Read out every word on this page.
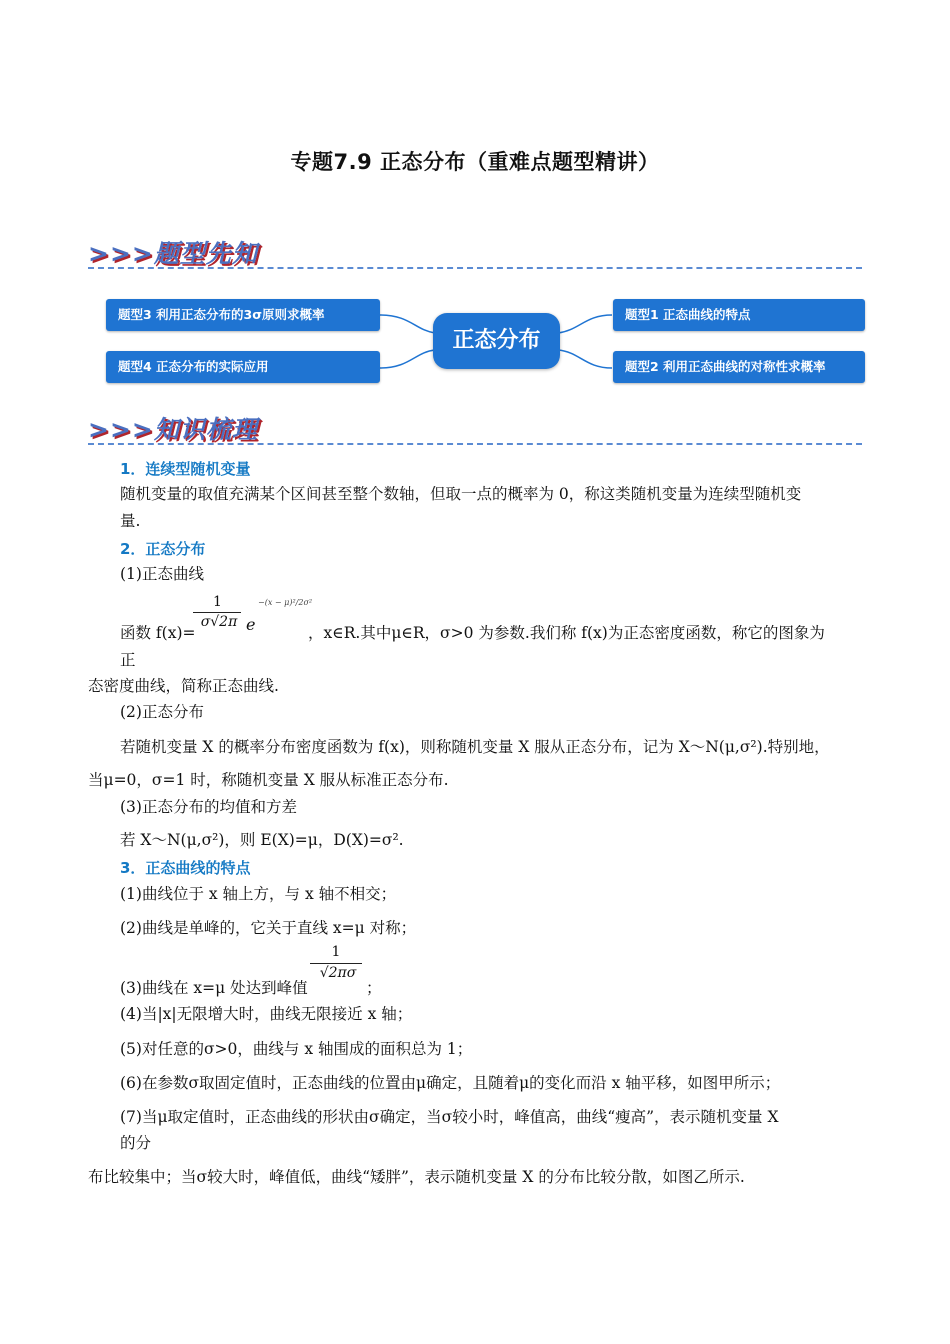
专题7.9 正态分布（重难点题型精讲）
>>>题型先知
题型3 利用正态分布的3σ原则求概率
题型4 正态分布的实际应用
题型1 正态曲线的特点
题型2 利用正态曲线的对称性求概率
正态分布
>>>知识梳理
1．连续型随机变量
随机变量的取值充满某个区间甚至整个数轴，但取一点的概率为 0，称这类随机变量为连续型随机变
量.
2．正态分布
(1)正态曲线
函数 f(x)=
1
σ√2π e
−(x − μ)²/2σ²
，x∈R.其中μ∈R，σ>0 为参数.我们称 f(x)为正态密度函数，称它的图象为
正
态密度曲线，简称正态曲线.
(2)正态分布
若随机变量 X 的概率分布密度函数为 f(x)，则称随机变量 X 服从正态分布，记为 X～N(μ,σ²).特别地，
当μ=0，σ=1 时，称随机变量 X 服从标准正态分布.
(3)正态分布的均值和方差
若 X～N(μ,σ²)，则 E(X)=μ，D(X)=σ².
3．正态曲线的特点
(1)曲线位于 x 轴上方，与 x 轴不相交；
(2)曲线是单峰的，它关于直线 x=μ 对称；
(3)曲线在 x=μ 处达到峰值
1
√2πσ
；
(4)当|x|无限增大时，曲线无限接近 x 轴；
(5)对任意的σ>0，曲线与 x 轴围成的面积总为 1；
(6)在参数σ取固定值时，正态曲线的位置由μ确定，且随着μ的变化而沿 x 轴平移，如图甲所示；
(7)当μ取定值时，正态曲线的形状由σ确定，当σ较小时，峰值高，曲线“瘦高”，表示随机变量 X
的分
布比较集中；当σ较大时，峰值低，曲线“矮胖”，表示随机变量 X 的分布比较分散，如图乙所示.
